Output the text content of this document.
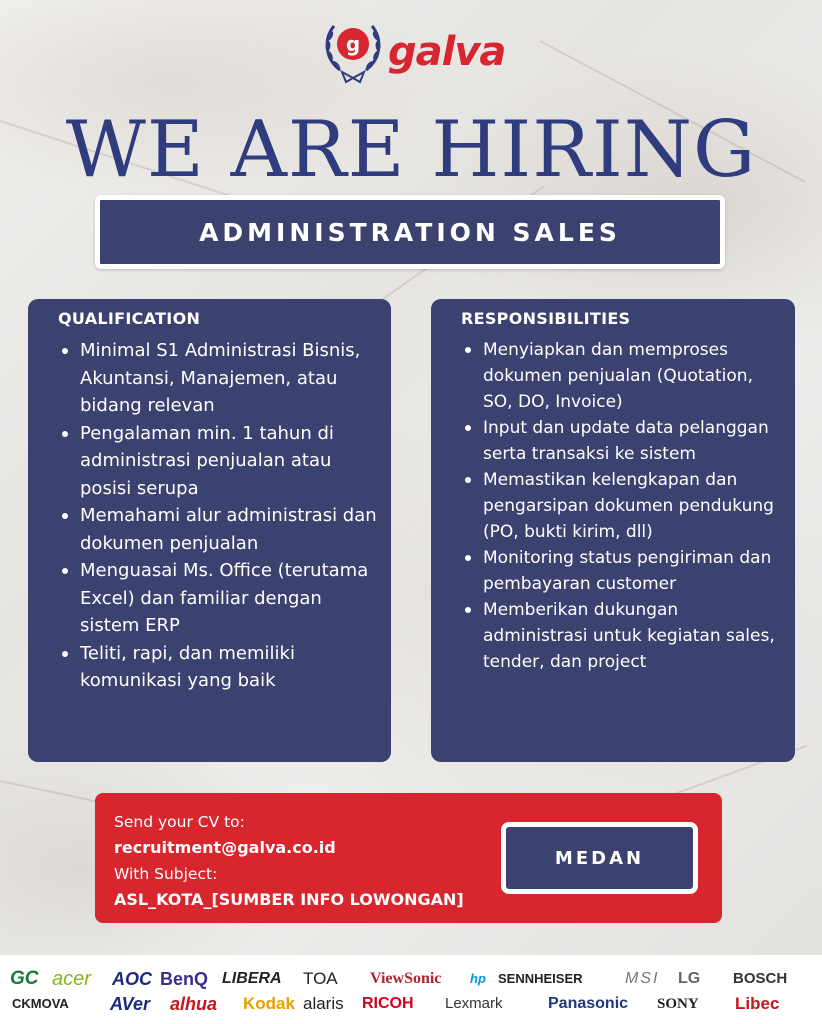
g galva
WE ARE HIRING
ADMINISTRATION SALES
QUALIFICATION
Minimal S1 Administrasi Bisnis, Akuntansi, Manajemen, atau bidang relevan
Pengalaman min. 1 tahun di administrasi penjualan atau posisi serupa
Memahami alur administrasi dan dokumen penjualan
Menguasai Ms. Office (terutama Excel) dan familiar dengan sistem ERP
Teliti, rapi, dan memiliki komunikasi yang baik
RESPONSIBILITIES
Menyiapkan dan memproses dokumen penjualan (Quotation, SO, DO, Invoice)
Input dan update data pelanggan serta transaksi ke sistem
Memastikan kelengkapan dan pengarsipan dokumen pendukung (PO, bukti kirim, dll)
Monitoring status pengiriman dan pembayaran customer
Memberikan dukungan administrasi untuk kegiatan sales, tender, dan project
Send your CV to:
recruitment@galva.co.id
With Subject:
ASL_KOTA_[SUMBER INFO LOWONGAN]
MEDAN
GC acer AOC BenQ LIBERA TOA ViewSonic hp SENNHEISER	MSI LG BOSCH
CKMOVA AVer alhua Kodak alaris RICOH Lexmark	Panasonic SONY Libec
